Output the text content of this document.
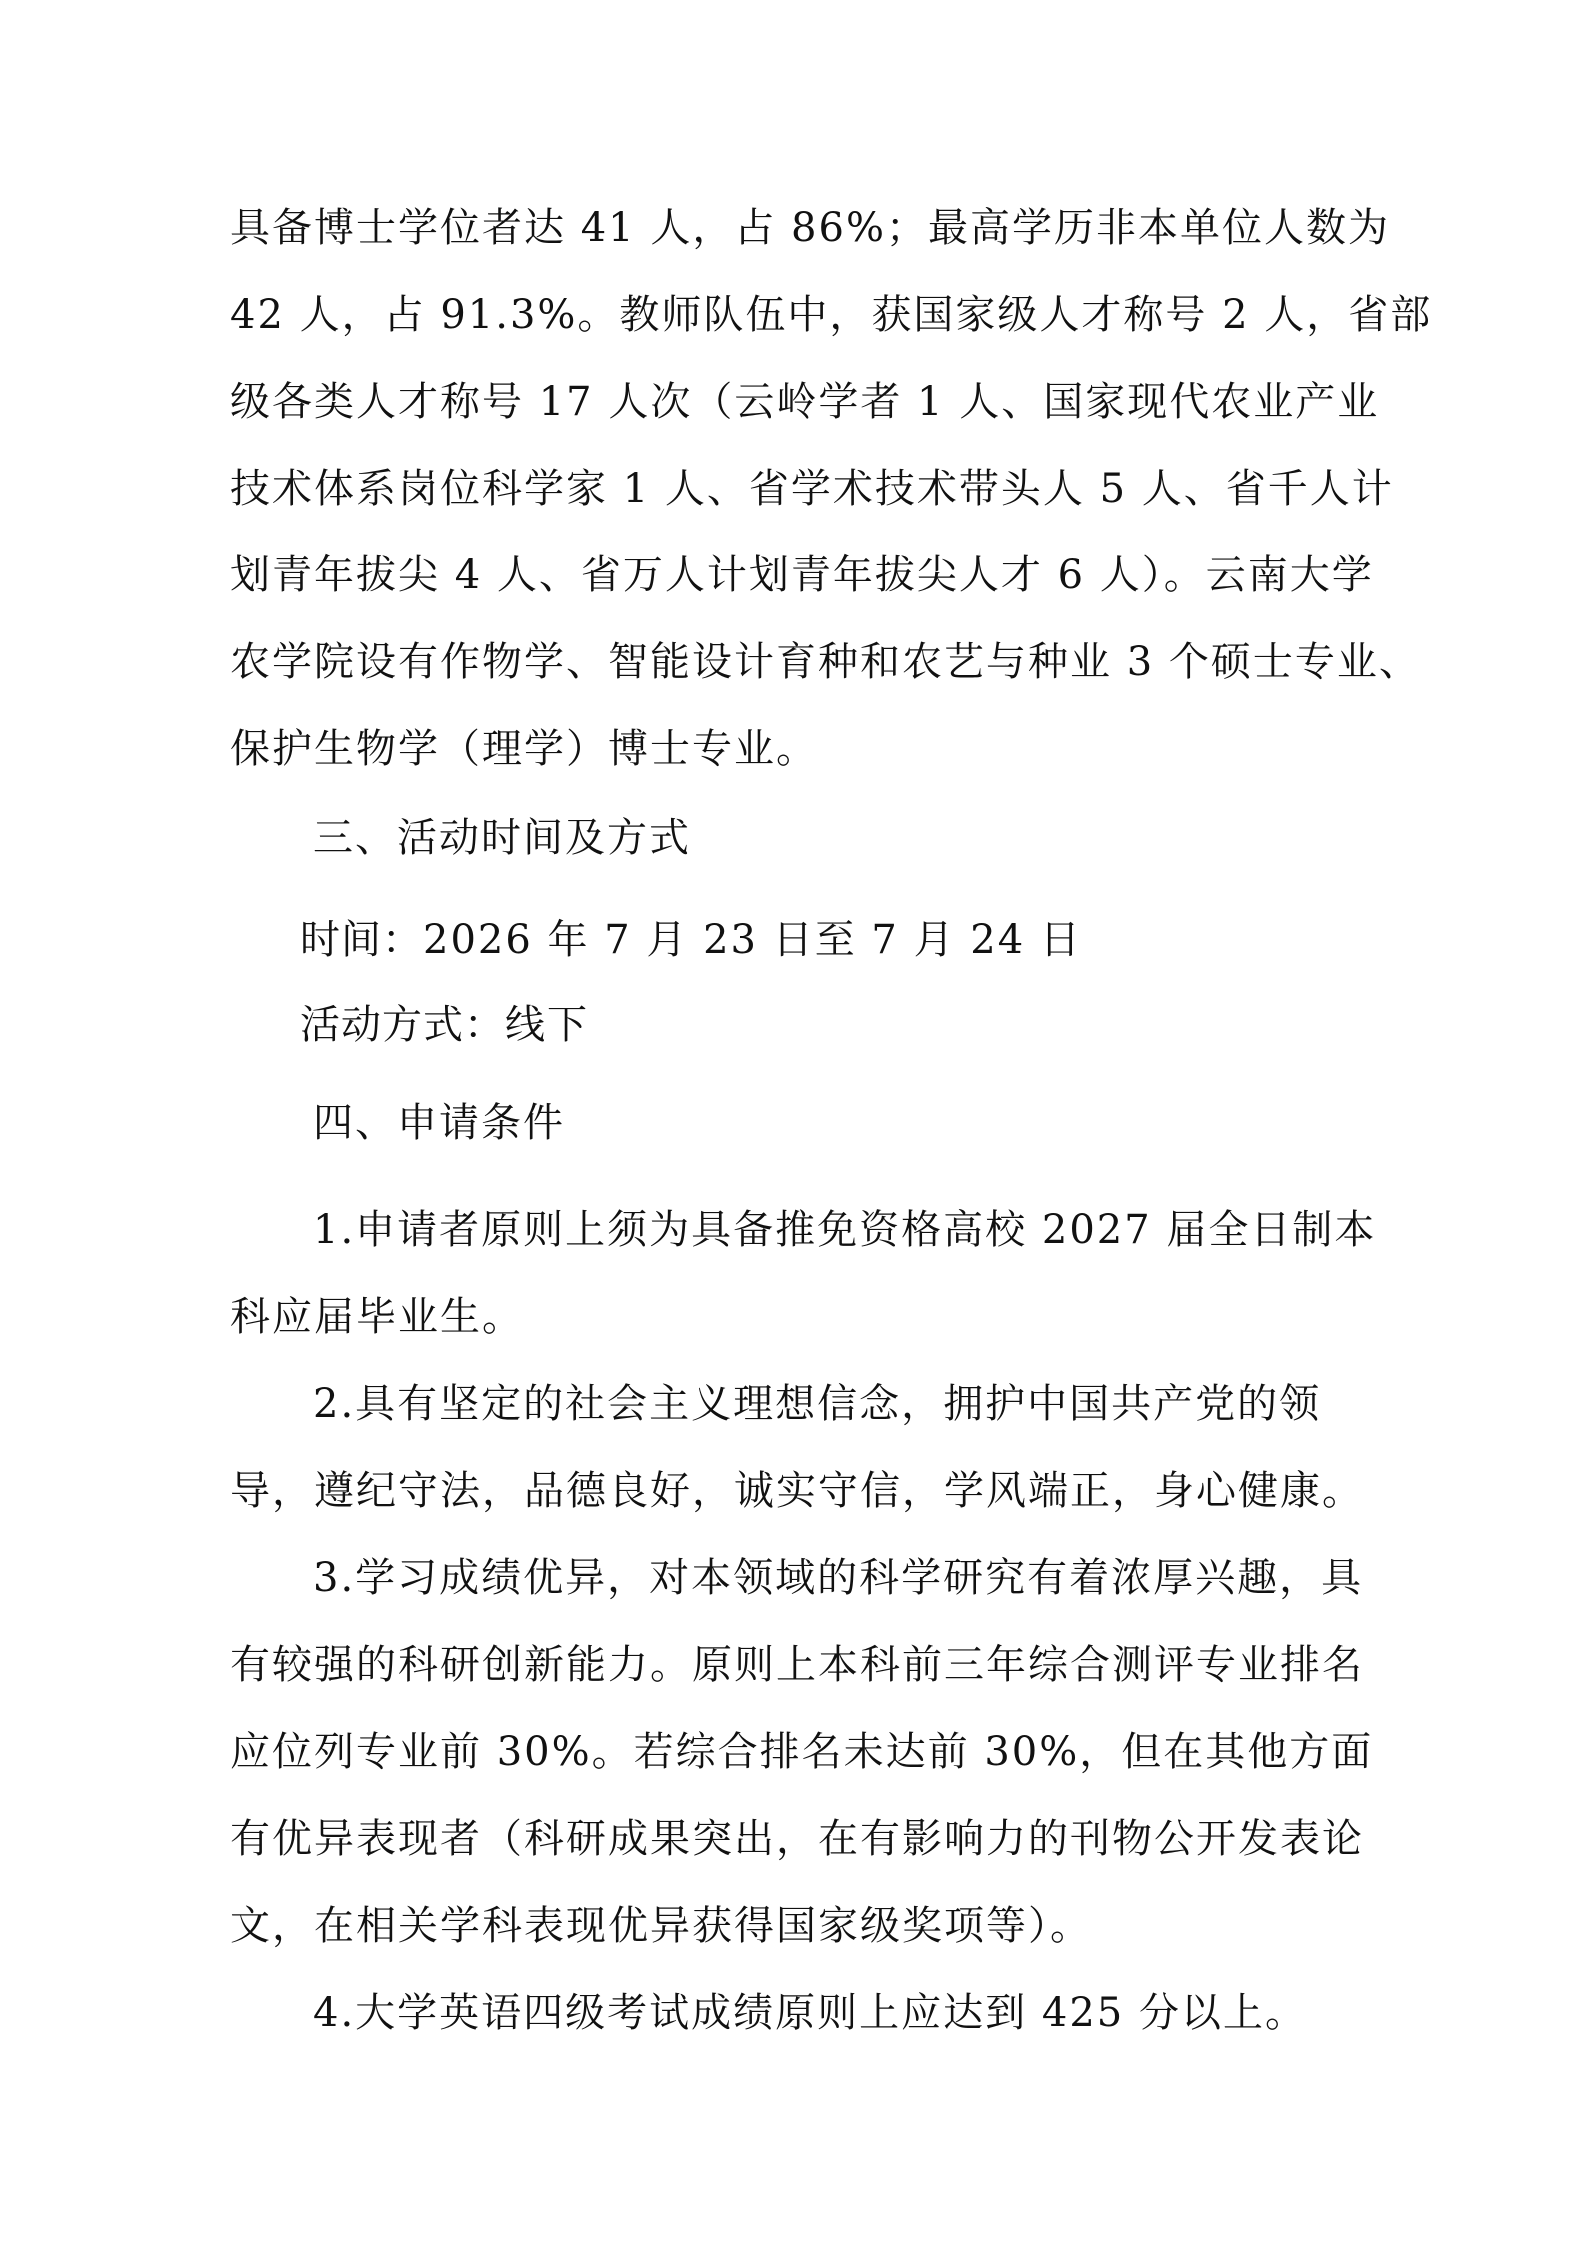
具备博士学位者达 41 人，占 86%；最高学历非本单位人数为
42 人，占 91.3%。教师队伍中，获国家级人才称号 2 人，省部
级各类人才称号 17 人次（云岭学者 1 人、国家现代农业产业
技术体系岗位科学家 1 人、省学术技术带头人 5 人、省千人计
划青年拔尖 4 人、省万人计划青年拔尖人才 6 人）。云南大学
农学院设有作物学、智能设计育种和农艺与种业 3 个硕士专业、
保护生物学（理学）博士专业。
三、活动时间及方式
时间：2026 年 7 月 23 日至 7 月 24 日
活动方式：线下
四、申请条件
1.申请者原则上须为具备推免资格高校 2027 届全日制本
科应届毕业生。
2.具有坚定的社会主义理想信念，拥护中国共产党的领
导，遵纪守法，品德良好，诚实守信，学风端正，身心健康。
3.学习成绩优异，对本领域的科学研究有着浓厚兴趣，具
有较强的科研创新能力。原则上本科前三年综合测评专业排名
应位列专业前 30%。若综合排名未达前 30%，但在其他方面
有优异表现者（科研成果突出，在有影响力的刊物公开发表论
文，在相关学科表现优异获得国家级奖项等）。
4.大学英语四级考试成绩原则上应达到 425 分以上。
